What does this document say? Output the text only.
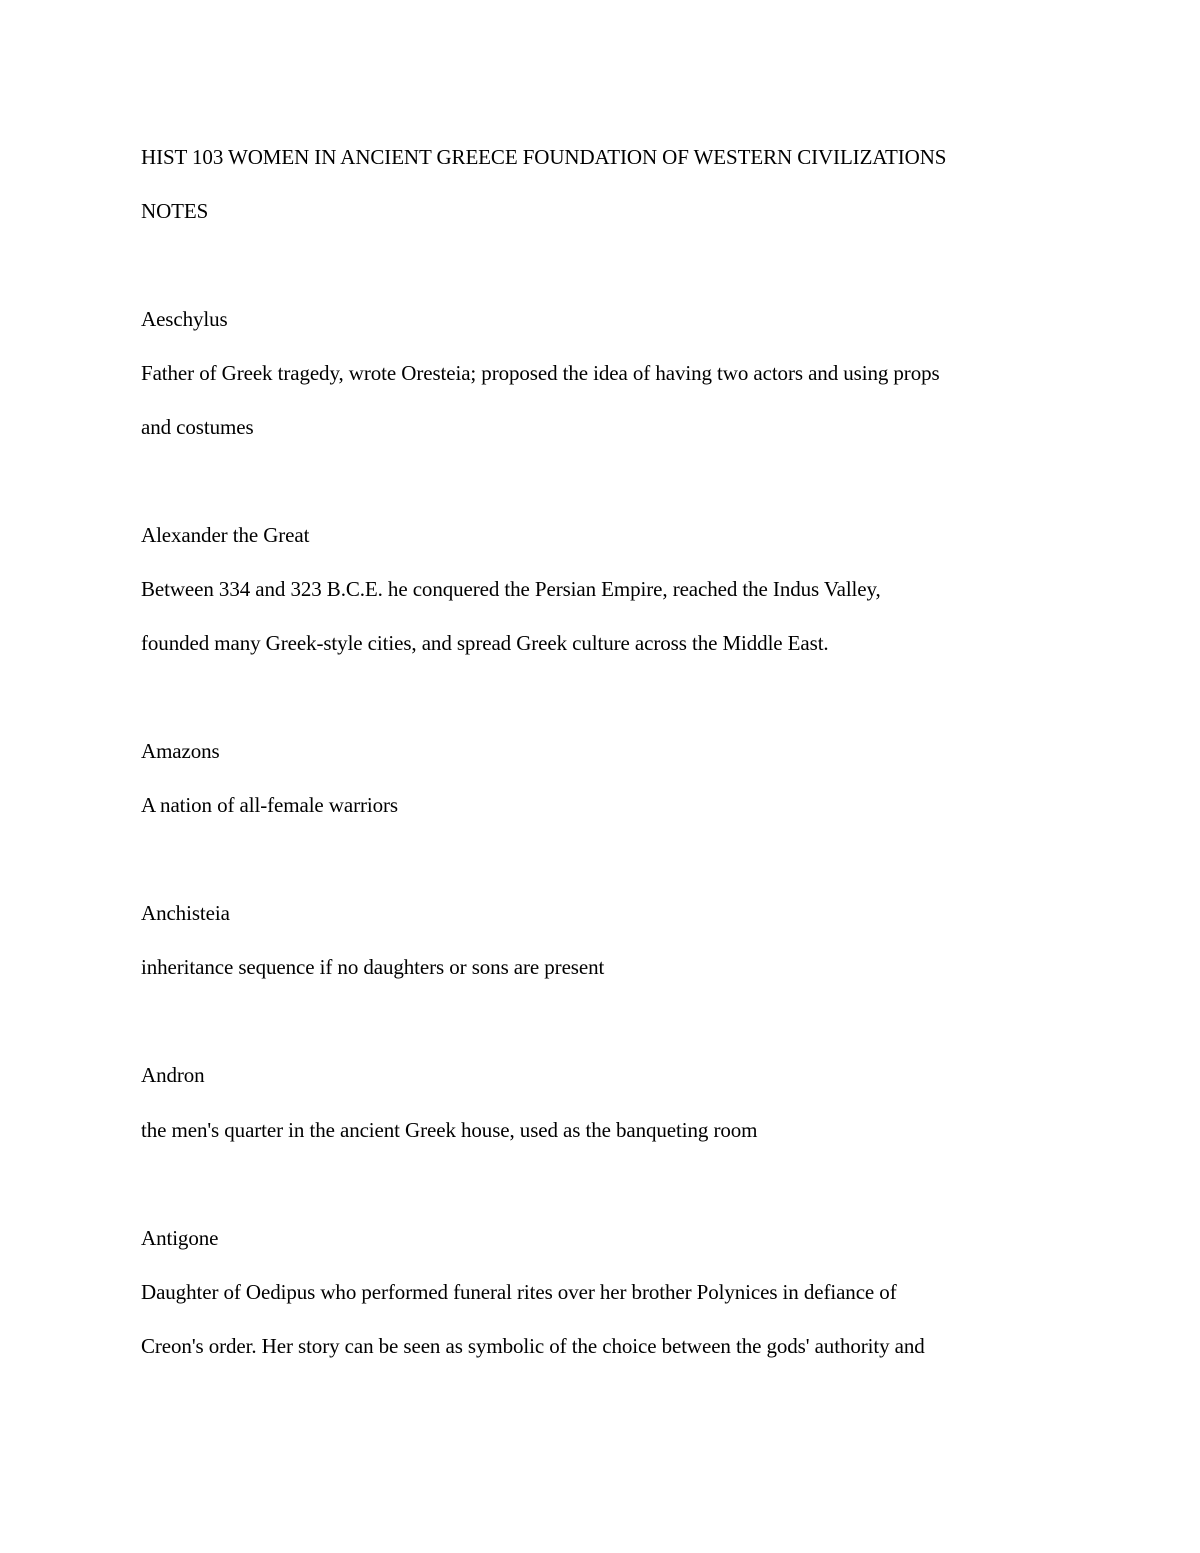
HIST 103 WOMEN IN ANCIENT GREECE FOUNDATION OF WESTERN CIVILIZATIONS
NOTES
Aeschylus
Father of Greek tragedy, wrote Oresteia; proposed the idea of having two actors and using props
and costumes
Alexander the Great
Between 334 and 323 B.C.E. he conquered the Persian Empire, reached the Indus Valley,
founded many Greek-style cities, and spread Greek culture across the Middle East.
Amazons
A nation of all-female warriors
Anchisteia
inheritance sequence if no daughters or sons are present
Andron
the men's quarter in the ancient Greek house, used as the banqueting room
Antigone
Daughter of Oedipus who performed funeral rites over her brother Polynices in defiance of
Creon's order. Her story can be seen as symbolic of the choice between the gods' authority and
